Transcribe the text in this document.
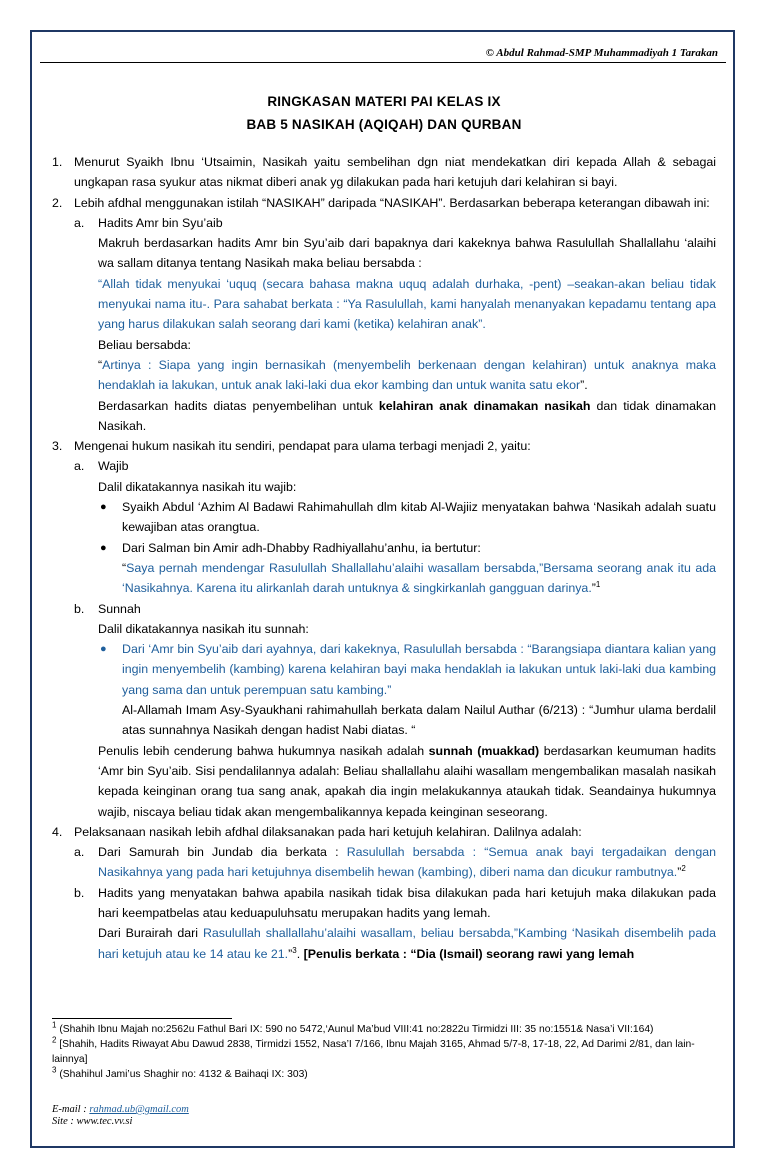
© Abdul Rahmad-SMP Muhammadiyah 1 Tarakan
RINGKASAN MATERI PAI KELAS IX
BAB 5 NASIKAH (AQIQAH) DAN QURBAN
1. Menurut Syaikh Ibnu ‘Utsaimin, Nasikah yaitu sembelihan dgn niat mendekatkan diri kepada Allah & sebagai ungkapan rasa syukur atas nikmat diberi anak yg dilakukan pada hari ketujuh dari kelahiran si bayi.
2. Lebih afdhal menggunakan istilah “NASIKAH” daripada “NASIKAH”. Berdasarkan beberapa keterangan dibawah ini:
a. Hadits Amr bin Syu’aib
Makruh berdasarkan hadits Amr bin Syu’aib dari bapaknya dari kakeknya bahwa Rasulullah Shallallahu ‘alaihi wa sallam ditanya tentang Nasikah maka beliau bersabda :
“Allah tidak menyukai ‘uquq (secara bahasa makna uquq adalah durhaka, -pent) –seakan-akan beliau tidak menyukai nama itu-. Para sahabat berkata : “Ya Rasulullah, kami hanyalah menanyakan kepadamu tentang apa yang harus dilakukan salah seorang dari kami (ketika) kelahiran anak”.
Beliau bersabda:
“Artinya : Siapa yang ingin bernasikah (menyembelih berkenaan dengan kelahiran) untuk anaknya maka hendaklah ia lakukan, untuk anak laki-laki dua ekor kambing dan untuk wanita satu ekor”.
Berdasarkan hadits diatas penyembelihan untuk kelahiran anak dinamakan nasikah dan tidak dinamakan Nasikah.
3. Mengenai hukum nasikah itu sendiri, pendapat para ulama terbagi menjadi 2, yaitu:
a. Wajib
Dalil dikatakannya nasikah itu wajib:
● Syaikh Abdul ‘Azhim Al Badawi Rahimahullah dlm kitab Al-Wajiiz menyatakan bahwa ‘Nasikah adalah suatu kewajiban atas orangtua.
● Dari Salman bin Amir adh-Dhabby Radhiyallahu’anhu, ia bertutur:
“Saya pernah mendengar Rasulullah Shallallahu’alaihi wasallam bersabda,”Bersama seorang anak itu ada ‘Nasikahnya. Karena itu alirkanlah darah untuknya & singkirkanlah gangguan darinya.”$^1$
b. Sunnah
Dalil dikatakannya nasikah itu sunnah:
● Dari ‘Amr bin Syu’aib dari ayahnya, dari kakeknya, Rasulullah bersabda : “Barangsiapa diantara kalian yang ingin menyembelih (kambing) karena kelahiran bayi maka hendaklah ia lakukan untuk laki-laki dua kambing yang sama dan untuk perempuan satu kambing.”
Al-Allamah Imam Asy-Syaukhani rahimahullah berkata dalam Nailul Authar (6/213) : “Jumhur ulama berdalil atas sunnahnya Nasikah dengan hadist Nabi diatas. “
Penulis lebih cenderung bahwa hukumnya nasikah adalah sunnah (muakkad) berdasarkan keumuman hadits ‘Amr bin Syu’aib. Sisi pendalilannya adalah: Beliau shallallahu alaihi wasallam mengembalikan masalah nasikah kepada keinginan orang tua sang anak, apakah dia ingin melakukannya ataukah tidak. Seandainya hukumnya wajib, niscaya beliau tidak akan mengembalikannya kepada keinginan seseorang.
4. Pelaksanaan nasikah lebih afdhal dilaksanakan pada hari ketujuh kelahiran. Dalilnya adalah:
a. Dari Samurah bin Jundab dia berkata : Rasulullah bersabda : “Semua anak bayi tergadaikan dengan Nasikahnya yang pada hari ketujuhnya disembelih hewan (kambing), diberi nama dan dicukur rambutnya.”$^2$
b. Hadits yang menyatakan bahwa apabila nasikah tidak bisa dilakukan pada hari ketujuh maka dilakukan pada hari keempatbelas atau keduapuluhsatu merupakan hadits yang lemah.
Dari Burairah dari Rasulullah shallallahu’alaihi wasallam, beliau bersabda,”Kambing ‘Nasikah disembelih pada hari ketujuh atau ke 14 atau ke 21.”$^3$. [Penulis berkata : “Dia (Ismail) seorang rawi yang lemah
$^1$ (Shahih Ibnu Majah no:2562u Fathul Bari IX: 590 no 5472,‘Aunul Ma’bud VIII:41 no:2822u Tirmidzi III: 35 no:1551& Nasa’i VII:164)
$^2$ [Shahih, Hadits Riwayat Abu Dawud 2838, Tirmidzi 1552, Nasa’I 7/166, Ibnu Majah 3165, Ahmad 5/7-8, 17-18, 22, Ad Darimi 2/81, dan lain-lainnya]
$^3$ (Shahihul Jami’us Shaghir no: 4132 & Baihaqi IX: 303)
E-mail : rahmad.ub@gmail.com
Site : www.tec.vv.si
